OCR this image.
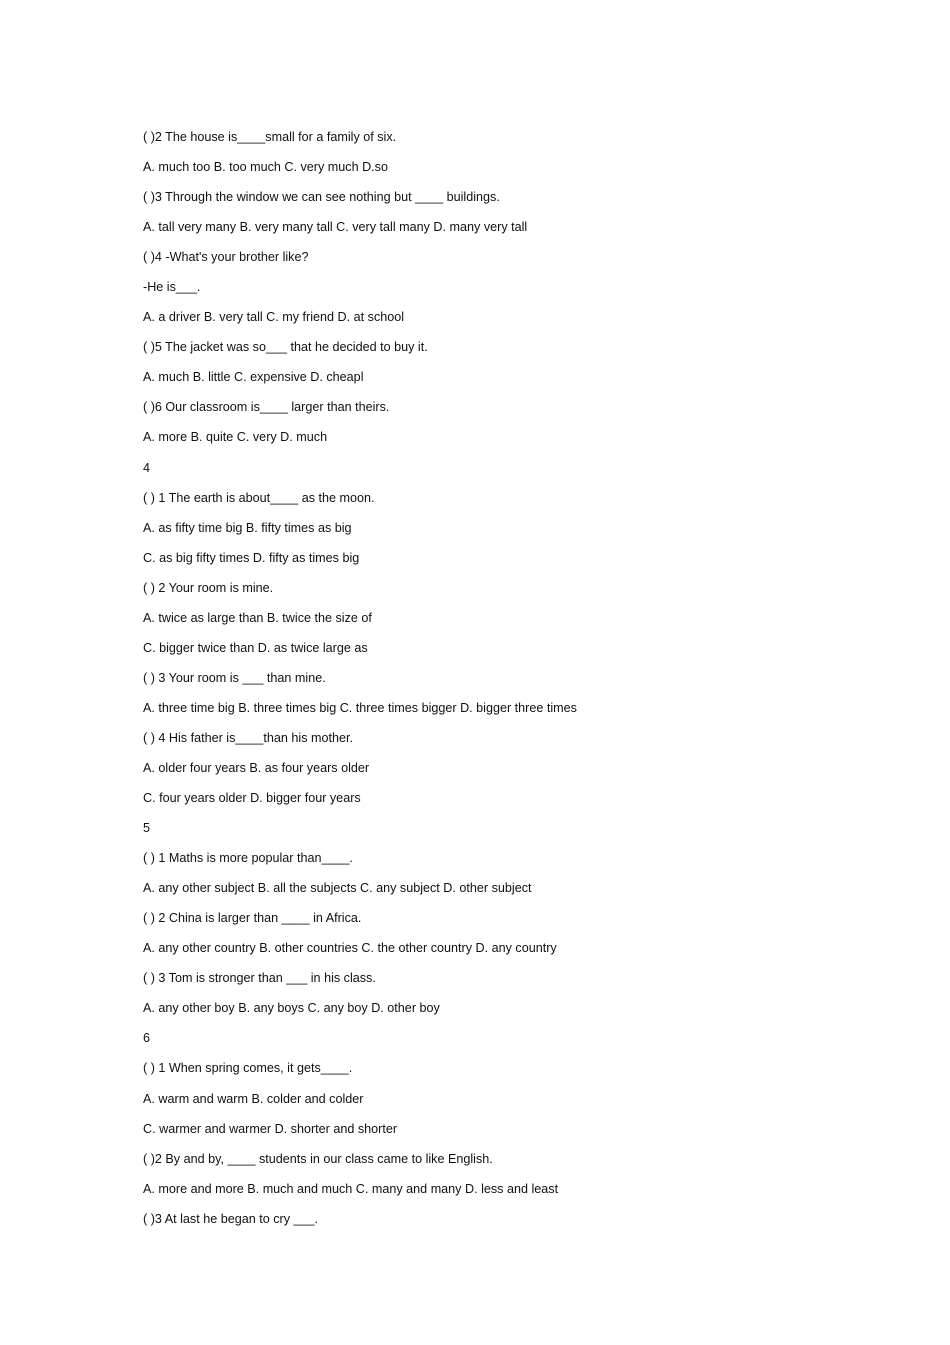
( )2 The house is____small for a family of six.
A. much too B. too much C. very much D.so
( )3 Through the window we can see nothing but ____ buildings.
A. tall very many B. very many tall C. very tall many D. many very tall
( )4 -What's your brother like?
-He is___.
A. a driver B. very tall C. my friend D. at school
( )5 The jacket was so___ that he decided to buy it.
A. much B. little C. expensive D. cheapl
( )6 Our classroom is____ larger than theirs.
A. more B. quite C. very D. much
4
( ) 1 The earth is about____ as the moon.
A. as fifty time big B. fifty times as big
C. as big fifty times D. fifty as times big
( ) 2 Your room is mine.
A. twice as large than B. twice the size of
C. bigger twice than D. as twice large as
( ) 3 Your room is ___ than mine.
A. three time big B. three times big C. three times bigger D. bigger three times
( ) 4 His father is____than his mother.
A. older four years B. as four years older
C. four years older D. bigger four years
5
( ) 1 Maths is more popular than____.
A. any other subject B. all the subjects C. any subject D. other subject
( ) 2 China is larger than ____ in Africa.
A. any other country B. other countries C. the other country D. any country
( ) 3 Tom is stronger than ___ in his class.
A. any other boy B. any boys C. any boy D. other boy
6
( ) 1 When spring comes, it gets____.
A. warm and warm B. colder and colder
C. warmer and warmer D. shorter and shorter
( )2 By and by, ____ students in our class came to like English.
A. more and more B. much and much C. many and many D. less and least
( )3 At last he began to cry ___.
